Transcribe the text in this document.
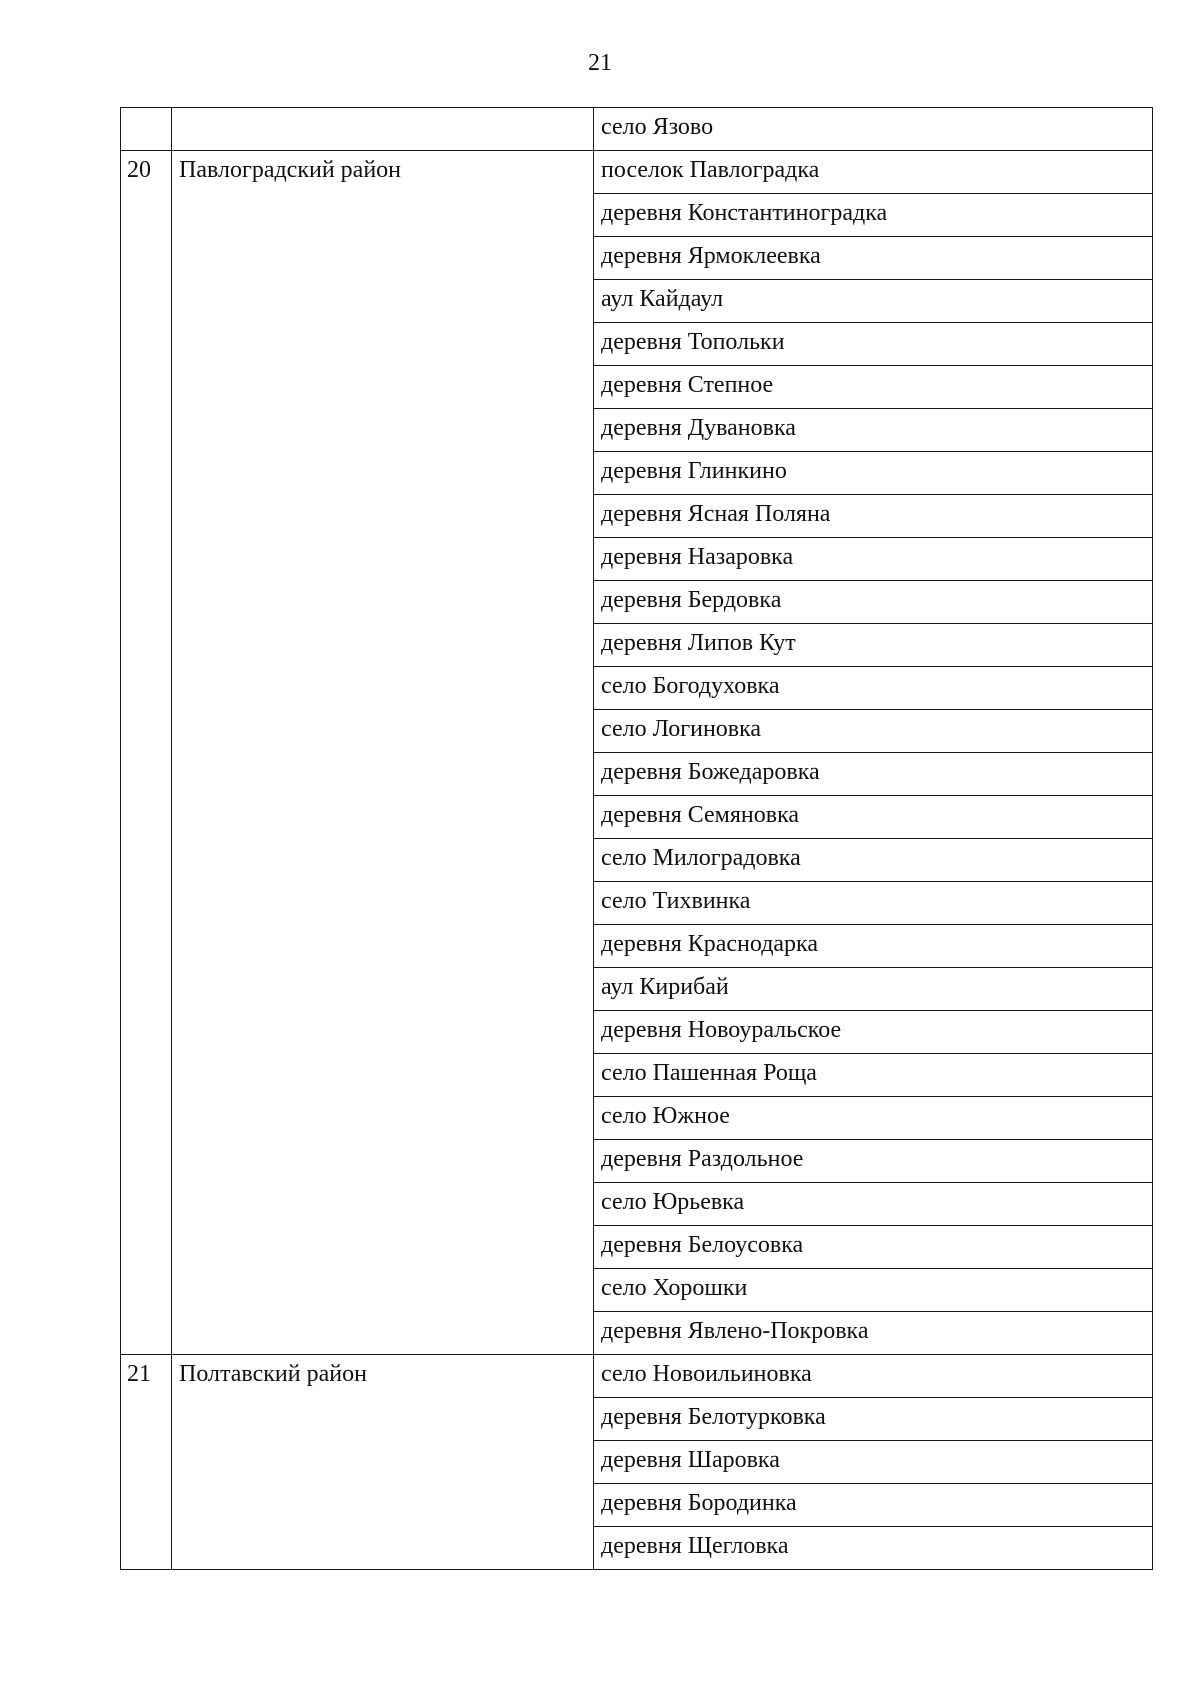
21
		село Язово
20	Павлоградский район	поселок Павлоградка
		деревня Константиноградка
		деревня Ярмоклеевка
		аул Кайдаул
		деревня Топольки
		деревня Степное
		деревня Дувановка
		деревня Глинкино
		деревня Ясная Поляна
		деревня Назаровка
		деревня Бердовка
		деревня Липов Кут
		село Богодуховка
		село Логиновка
		деревня Божедаровка
		деревня Семяновка
		село Милоградовка
		село Тихвинка
		деревня Краснодарка
		аул Кирибай
		деревня Новоуральское
		село Пашенная Роща
		село Южное
		деревня Раздольное
		село Юрьевка
		деревня Белоусовка
		село Хорошки
		деревня Явлено-Покровка
21	Полтавский район	село Новоильиновка
		деревня Белотурковка
		деревня Шаровка
		деревня Бородинка
		деревня Щегловка
